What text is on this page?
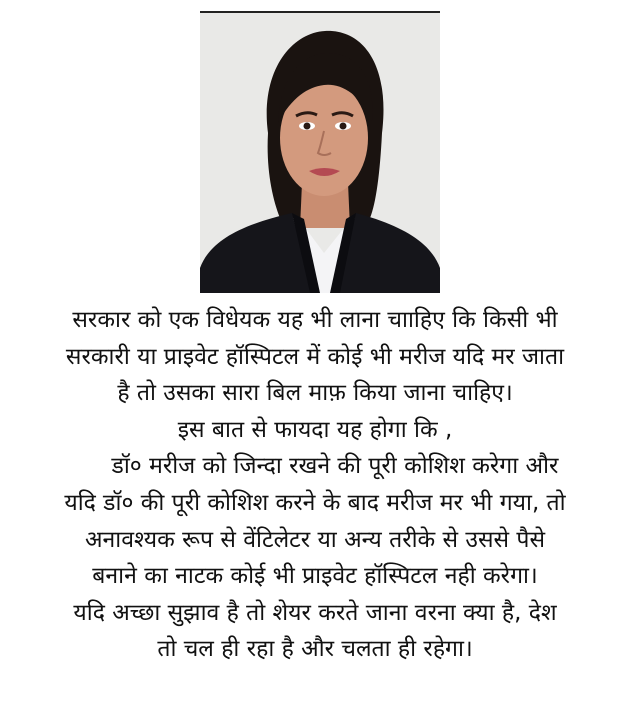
सरकार को एक विधेयक यह भी लाना चााहिए कि किसी भी
सरकारी या प्राइवेट हॉस्पिटल में कोई भी मरीज यदि मर जाता
है तो उसका सारा बिल माफ़ किया जाना चाहिए।
इस बात से फायदा यह होगा कि ,
डॉ० मरीज को जिन्दा रखने की पूरी कोशिश करेगा और
यदि डॉ० की पूरी कोशिश करने के बाद मरीज मर भी गया, तो
अनावश्यक रूप से वेंटिलेटर या अन्य तरीके से उससे पैसे
बनाने का नाटक कोई भी प्राइवेट हॉस्पिटल नही करेगा।
यदि अच्छा सुझाव है तो शेयर करते जाना वरना क्या है, देश
तो चल ही रहा है और चलता ही रहेगा।
